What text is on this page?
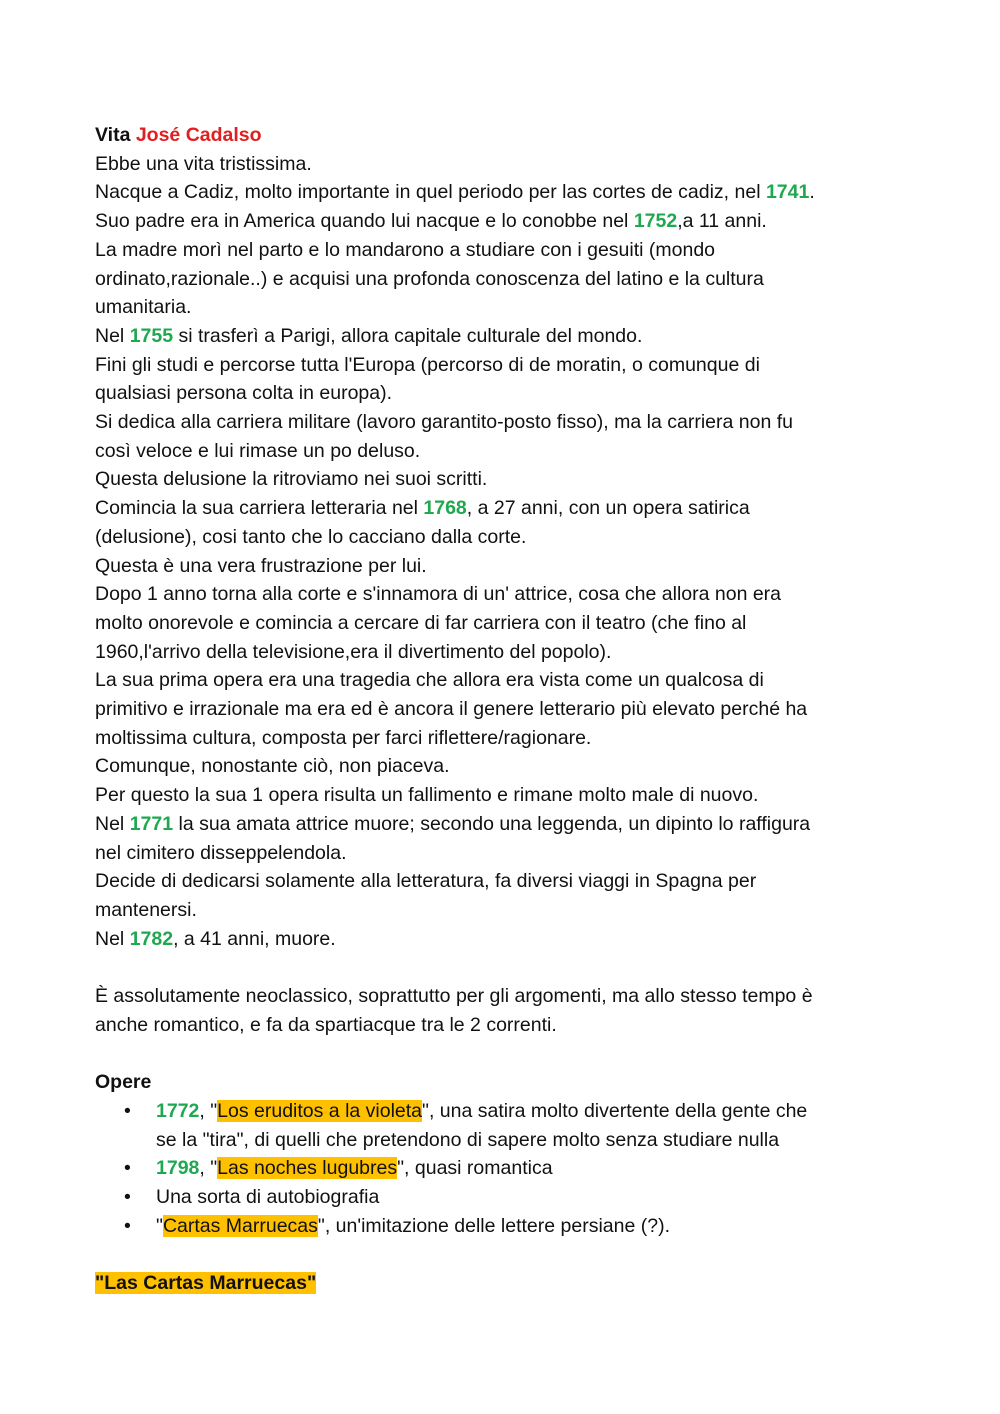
Vita José Cadalso
Ebbe una vita tristissima.
Nacque a Cadiz, molto importante in quel periodo per las cortes de cadiz, nel 1741.
Suo padre era in America quando lui nacque e lo conobbe nel 1752,a 11 anni.
La madre morì nel parto e lo mandarono a studiare con i gesuiti (mondo
ordinato,razionale..) e acquisi una profonda conoscenza del latino e la cultura
umanitaria.
Nel 1755 si trasferì a Parigi, allora capitale culturale del mondo.
Fini gli studi e percorse tutta l'Europa (percorso di de moratin, o comunque di
qualsiasi persona colta in europa).
Si dedica alla carriera militare (lavoro garantito-posto fisso), ma la carriera non fu
così veloce e lui rimase un po deluso.
Questa delusione la ritroviamo nei suoi scritti.
Comincia la sua carriera letteraria nel 1768, a 27 anni, con un opera satirica
(delusione), cosi tanto che lo cacciano dalla corte.
Questa è una vera frustrazione per lui.
Dopo 1 anno torna alla corte e s'innamora di un' attrice, cosa che allora non era
molto onorevole e comincia a cercare di far carriera con il teatro (che fino al
1960,l'arrivo della televisione,era il divertimento del popolo).
La sua prima opera era una tragedia che allora era vista come un qualcosa di
primitivo e irrazionale ma era ed è ancora il genere letterario più elevato perché ha
moltissima cultura, composta per farci riflettere/ragionare.
Comunque, nonostante ciò, non piaceva.
Per questo la sua 1 opera risulta un fallimento e rimane molto male di nuovo.
Nel 1771 la sua amata attrice muore; secondo una leggenda, un dipinto lo raffigura
nel cimitero disseppelendola.
Decide di dedicarsi solamente alla letteratura, fa diversi viaggi in Spagna per
mantenersi.
Nel 1782, a 41 anni, muore.
È assolutamente neoclassico, soprattutto per gli argomenti, ma allo stesso tempo è
anche romantico, e fa da spartiacque tra le 2 correnti.
Opere
• 1772, "Los eruditos a la violeta", una satira molto divertente della gente che
se la "tira", di quelli che pretendono di sapere molto senza studiare nulla
• 1798, "Las noches lugubres", quasi romantica
• Una sorta di autobiografia
• "Cartas Marruecas", un'imitazione delle lettere persiane (?).
"Las Cartas Marruecas"
